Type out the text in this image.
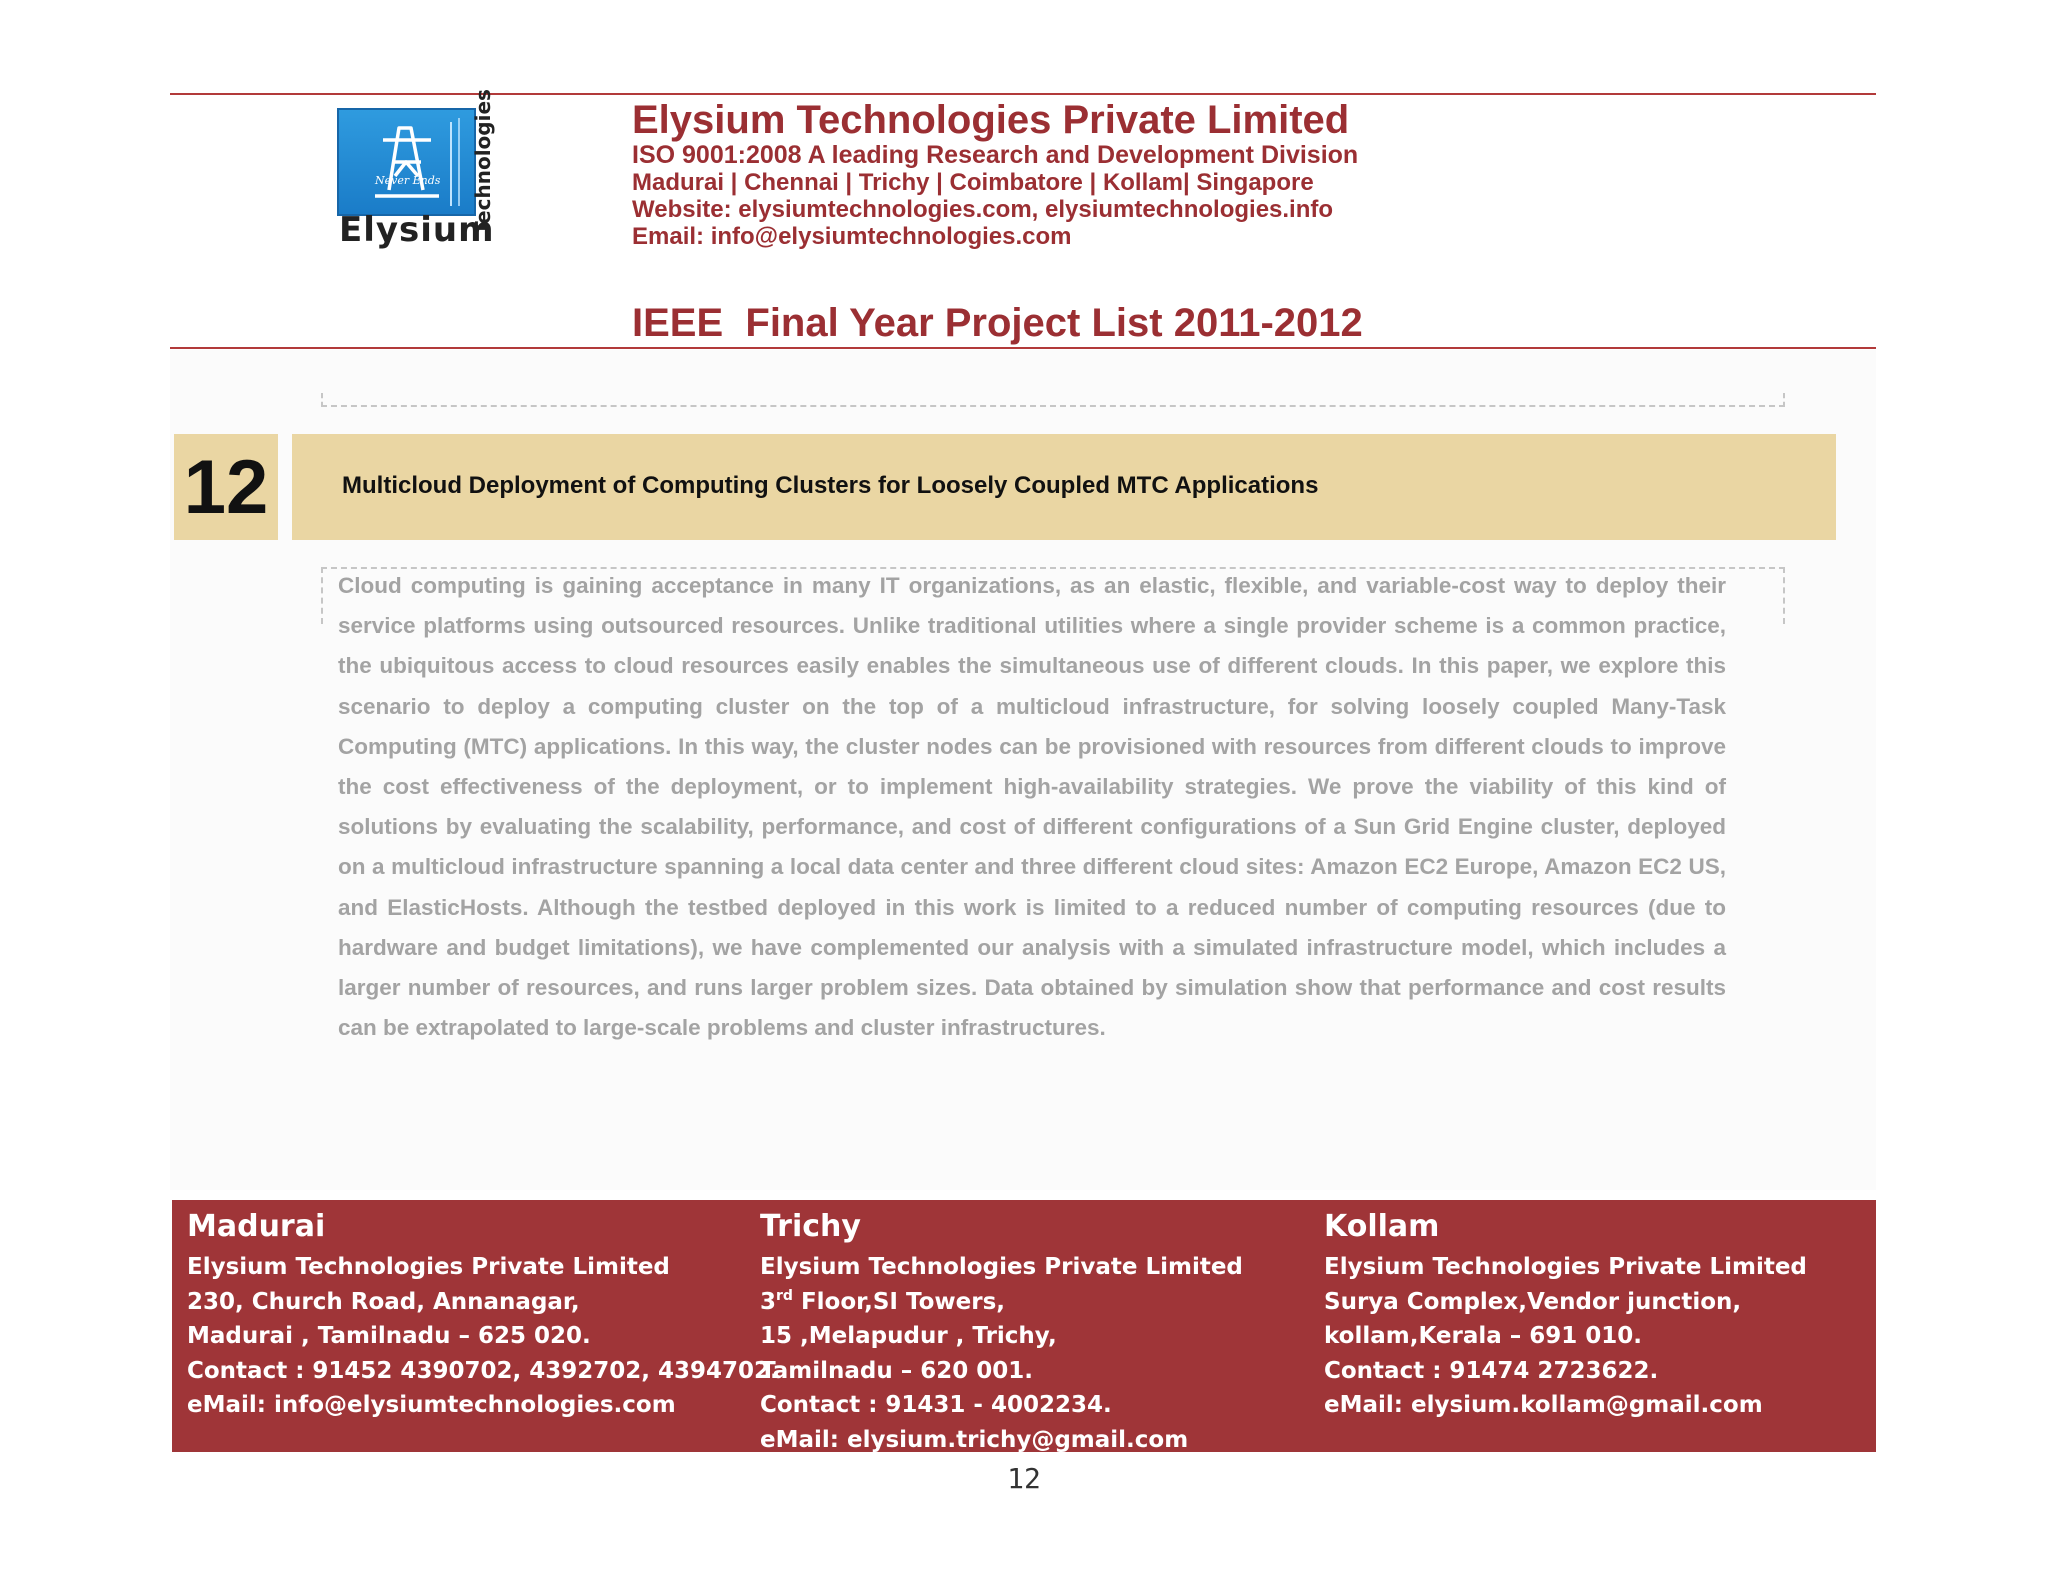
Never Ends Technologies
Elysium
Elysium Technologies Private Limited
ISO 9001:2008 A leading Research and Development Division
Madurai | Chennai | Trichy | Coimbatore | Kollam| Singapore
Website: elysiumtechnologies.com, elysiumtechnologies.info
Email: info@elysiumtechnologies.com
IEEE  Final Year Project List 2011-2012
12	Multicloud Deployment of Computing Clusters for Loosely Coupled MTC Applications

Cloud computing is gaining acceptance in many IT organizations, as an elastic, flexible, and variable-cost way to deploy their service platforms using outsourced resources. Unlike traditional utilities where a single provider scheme is a common practice, the ubiquitous access to cloud resources easily enables the simultaneous use of different clouds. In this paper, we explore this scenario to deploy a computing cluster on the top of a multicloud infrastructure, for solving loosely coupled Many-Task Computing (MTC) applications. In this way, the cluster nodes can be provisioned with resources from different clouds to improve the cost effectiveness of the deployment, or to implement high-availability strategies. We prove the viability of this kind of solutions by evaluating the scalability, performance, and cost of different configurations of a Sun Grid Engine cluster, deployed on a multicloud infrastructure spanning a local data center and three different cloud sites: Amazon EC2 Europe, Amazon EC2 US, and ElasticHosts. Although the testbed deployed in this work is limited to a reduced number of computing resources (due to hardware and budget limitations), we have complemented our analysis with a simulated infrastructure model, which includes a larger number of resources, and runs larger problem sizes. Data obtained by simulation show that performance and cost results can be extrapolated to large-scale problems and cluster infrastructures.

Madurai
Elysium Technologies Private Limited
230, Church Road, Annanagar,
Madurai , Tamilnadu – 625 020.
Contact : 91452 4390702, 4392702, 4394702.
eMail: info@elysiumtechnologies.com
Trichy
Elysium Technologies Private Limited
3rd Floor,SI Towers,
15 ,Melapudur , Trichy,
Tamilnadu – 620 001.
Contact : 91431 - 4002234.
eMail: elysium.trichy@gmail.com
Kollam
Elysium Technologies Private Limited
Surya Complex,Vendor junction,
kollam,Kerala – 691 010.
Contact : 91474 2723622.
eMail: elysium.kollam@gmail.com
12
